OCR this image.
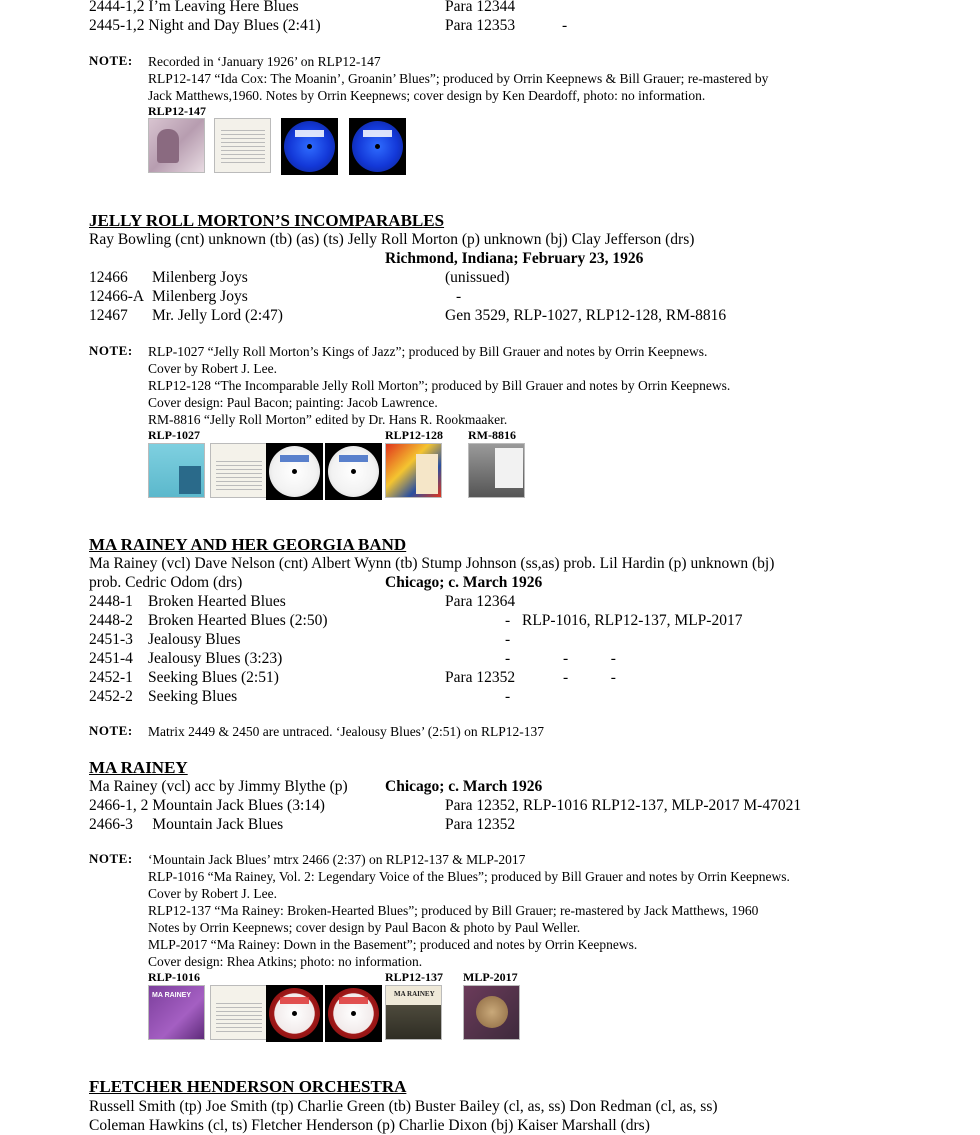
2444-1,2 I’m Leaving Here Blues	Para 12344
2445-1,2 Night and Day Blues (2:41)	Para 12353	-
NOTE: Recorded in ‘January 1926’ on RLP12-147
RLP12-147 “Ida Cox: The Moanin’, Groanin’ Blues”; produced by Orrin Keepnews & Bill Grauer; re-mastered by
Jack Matthews,1960. Notes by Orrin Keepnews; cover design by Ken Deardoff, photo: no information.
RLP12-147
JELLY ROLL MORTON’S INCOMPARABLES
Ray Bowling (cnt) unknown (tb) (as) (ts) Jelly Roll Morton (p) unknown (bj) Clay Jefferson (drs)
Richmond, Indiana; February 23, 1926
12466 Milenberg Joys	(unissued)
12466-A Milenberg Joys	-
12467 Mr. Jelly Lord (2:47)	Gen 3529, RLP-1027, RLP12-128, RM-8816
NOTE: RLP-1027 “Jelly Roll Morton’s Kings of Jazz”; produced by Bill Grauer and notes by Orrin Keepnews.
Cover by Robert J. Lee.
RLP12-128 “The Incomparable Jelly Roll Morton”; produced by Bill Grauer and notes by Orrin Keepnews.
Cover design: Paul Bacon; painting: Jacob Lawrence.
RM-8816 “Jelly Roll Morton” edited by Dr. Hans R. Rookmaaker.
RLP-1027	RLP12-128 RM-8816
MA RAINEY AND HER GEORGIA BAND
Ma Rainey (vcl) Dave Nelson (cnt) Albert Wynn (tb) Stump Johnson (ss,as) prob. Lil Hardin (p) unknown (bj)
prob. Cedric Odom (drs)	Chicago; c. March 1926
2448-1 Broken Hearted Blues	Para 12364
2448-2 Broken Hearted Blues (2:50)	- RLP-1016, RLP12-137, MLP-2017
2451-3 Jealousy Blues	-
2451-4 Jealousy Blues (3:23)	-	-           -
2452-1 Seeking Blues (2:51)	Para 12352	-           -
2452-2 Seeking Blues	-
NOTE: Matrix 2449 & 2450 are untraced. ‘Jealousy Blues’ (2:51) on RLP12-137
MA RAINEY
Ma Rainey (vcl) acc by Jimmy Blythe (p) Chicago; c. March 1926
2466-1, 2 Mountain Jack Blues (3:14)	Para 12352, RLP-1016 RLP12-137, MLP-2017 M-47021
2466-3     Mountain Jack Blues	Para 12352
NOTE: ‘Mountain Jack Blues’ mtrx 2466 (2:37) on RLP12-137 & MLP-2017
RLP-1016 “Ma Rainey, Vol. 2: Legendary Voice of the Blues”; produced by Bill Grauer and notes by Orrin Keepnews.
Cover by Robert J. Lee.
RLP12-137 “Ma Rainey: Broken-Hearted Blues”; produced by Bill Grauer; re-mastered by Jack Matthews, 1960
Notes by Orrin Keepnews; cover design by Paul Bacon & photo by Paul Weller.
MLP-2017 “Ma Rainey: Down in the Basement”; produced and notes by Orrin Keepnews.
Cover design: Rhea Atkins; photo: no information.
RLP-1016	RLP12-137 MLP-2017
MA RAINEY	MA RAINEY
FLETCHER HENDERSON ORCHESTRA
Russell Smith (tp) Joe Smith (tp) Charlie Green (tb) Buster Bailey (cl, as, ss) Don Redman (cl, as, ss)
Coleman Hawkins (cl, ts) Fletcher Henderson (p) Charlie Dixon (bj) Kaiser Marshall (drs)
